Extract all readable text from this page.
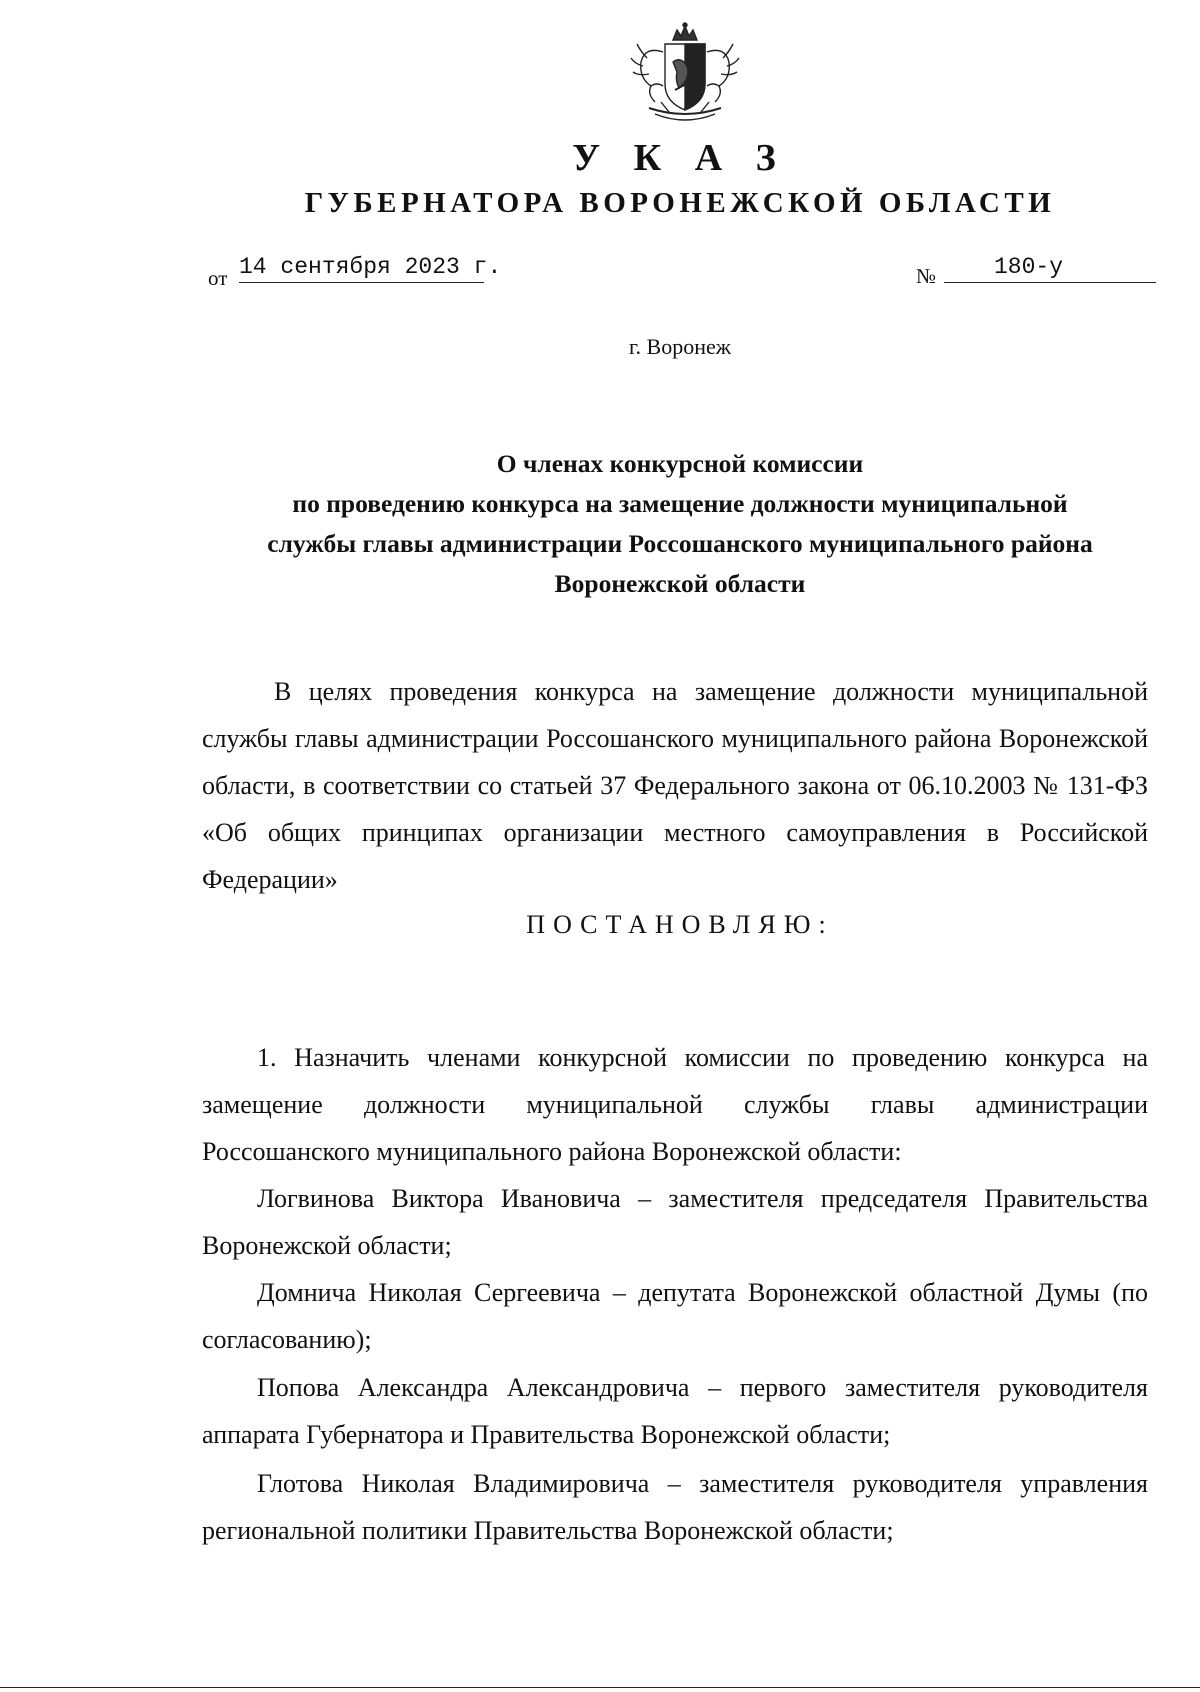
У К А З
ГУБЕРНАТОРА ВОРОНЕЖСКОЙ ОБЛАСТИ
от 14 сентября 2023 г.	№	180-у
г. Воронеж
О членах конкурсной комиссии
по проведению конкурса на замещение должности муниципальной
службы главы администрации Россошанского муниципального района
Воронежской области
В целях проведения конкурса на замещение должности муниципальной службы главы администрации Россошанского муниципального района Воронежской области, в соответствии со статьей 37 Федерального закона от 06.10.2003 № 131-ФЗ «Об общих принципах организации местного самоуправления в Российской Федерации»
ПОСТАНОВЛЯЮ:
1. Назначить членами конкурсной комиссии по проведению конкурса на замещение должности муниципальной службы главы администрации Россошанского муниципального района Воронежской области:
Логвинова Виктора Ивановича – заместителя председателя Правительства Воронежской области;
Домнича Николая Сергеевича – депутата Воронежской областной Думы (по согласованию);
Попова Александра Александровича – первого заместителя руководителя аппарата Губернатора и Правительства Воронежской области;
Глотова Николая Владимировича – заместителя руководителя управления региональной политики Правительства Воронежской области;
